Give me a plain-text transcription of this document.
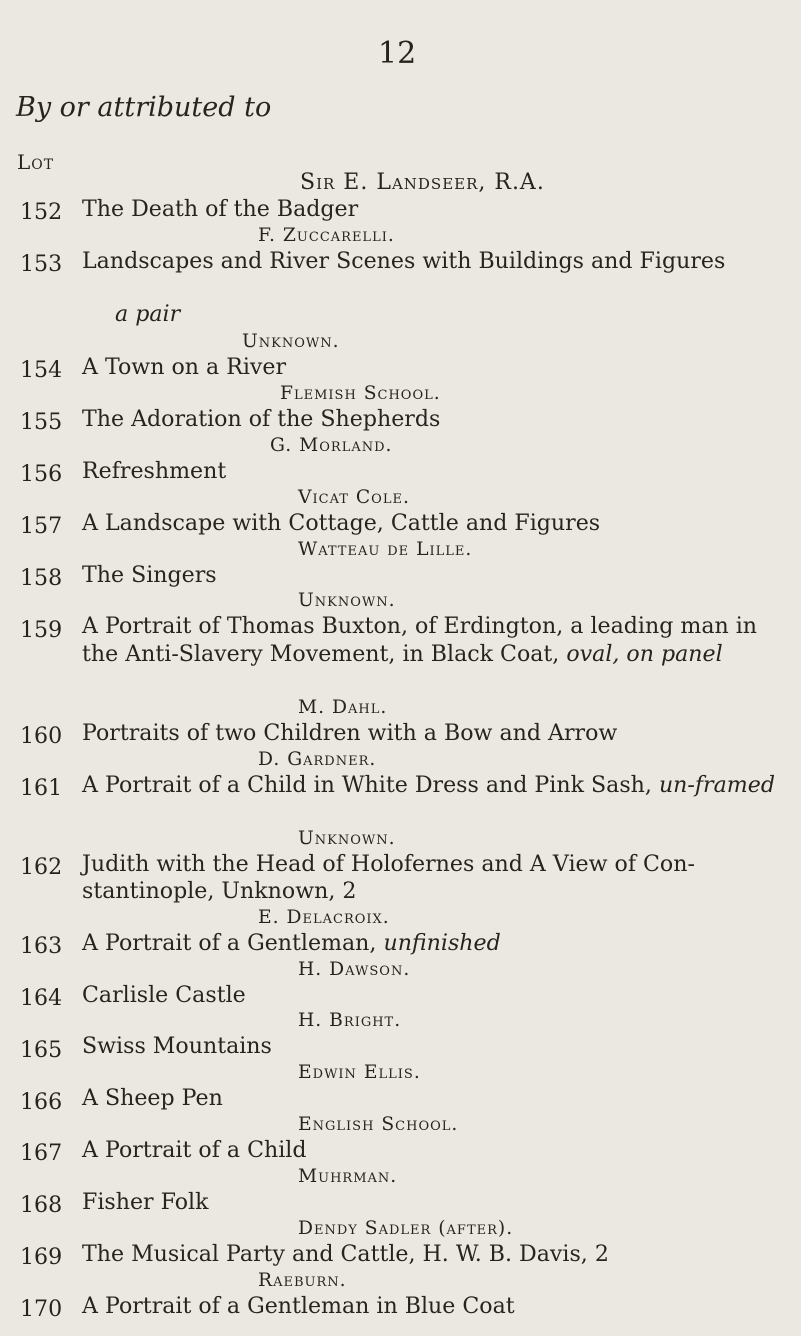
12
By or attributed to
Lot
Sir E. Landseer, R.A.
152 The Death of the Badger
F. Zuccarelli.
153 Landscapes and River Scenes with Buildings and Figures
a pair
Unknown.
154 A Town on a River
Flemish School.
155 The Adoration of the Shepherds
G. Morland.
156 Refreshment
Vicat Cole.
157 A Landscape with Cottage, Cattle and Figures
Watteau de Lille.
158 The Singers
Unknown.
159 A Portrait of Thomas Buxton, of Erdington, a leading man in the Anti-Slavery Movement, in Black Coat, oval, on panel
M. Dahl.
160 Portraits of two Children with a Bow and Arrow
D. Gardner.
161 A Portrait of a Child in White Dress and Pink Sash, un-framed
Unknown.
162 Judith with the Head of Holofernes and A View of Con-stantinople, Unknown, 2
E. Delacroix.
163 A Portrait of a Gentleman, unfinished
H. Dawson.
164 Carlisle Castle
H. Bright.
165 Swiss Mountains
Edwin Ellis.
166 A Sheep Pen
English School.
167 A Portrait of a Child
Muhrman.
168 Fisher Folk
Dendy Sadler (after).
169 The Musical Party and Cattle, H. W. B. Davis, 2
Raeburn.
170 A Portrait of a Gentleman in Blue Coat
